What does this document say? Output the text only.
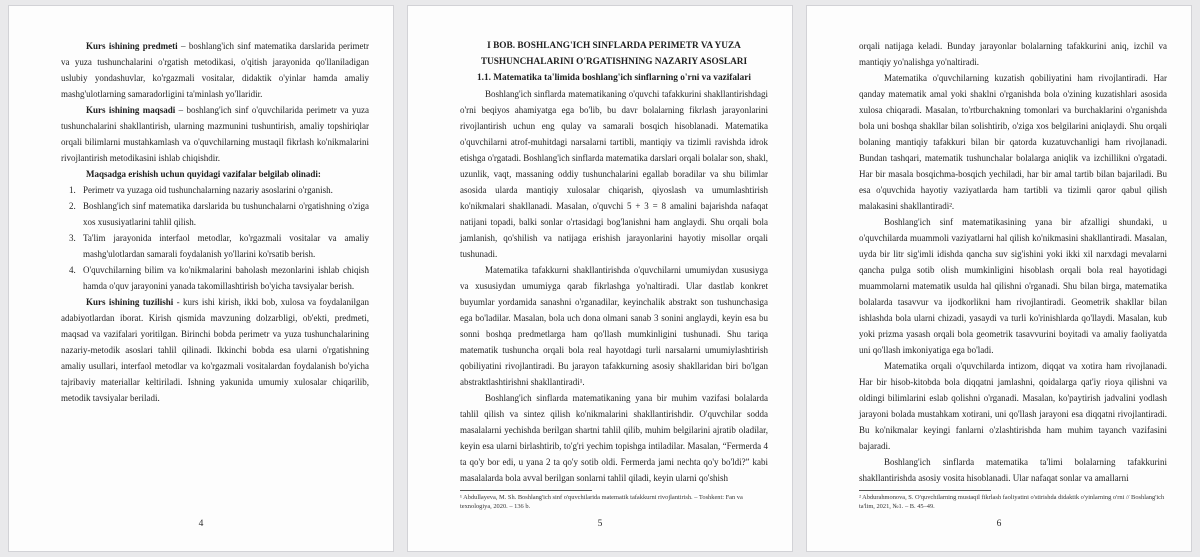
Kurs ishining predmeti – boshlang'ich sinf matematika darslarida perimetr va yuza tushunchalarini o'rgatish metodikasi, o'qitish jarayonida qo'llaniladigan uslubiy yondashuvlar, ko'rgazmali vositalar, didaktik o'yinlar hamda amaliy mashg'ulotlarning samaradorligini ta'minlash yo'llaridir.

Kurs ishining maqsadi – boshlang'ich sinf o'quvchilarida perimetr va yuza tushunchalarini shakllantirish, ularning mazmunini tushuntirish, amaliy topshiriqlar orqali bilimlarni mustahkamlash va o'quvchilarning mustaqil fikrlash ko'nikmalarini rivojlantirish metodikasini ishlab chiqishdir.

Maqsadga erishish uchun quyidagi vazifalar belgilab olinadi:

1. Perimetr va yuzaga oid tushunchalarning nazariy asoslarini o'rganish.
2. Boshlang'ich sinf matematika darslarida bu tushunchalarni o'rgatishning o'ziga xos xususiyatlarini tahlil qilish.
3. Ta'lim jarayonida interfaol metodlar, ko'rgazmali vositalar va amaliy mashg'ulotlardan samarali foydalanish yo'llarini ko'rsatib berish.
4. O'quvchilarning bilim va ko'nikmalarini baholash mezonlarini ishlab chiqish hamda o'quv jarayonini yanada takomillashtirish bo'yicha tavsiyalar berish.

Kurs ishining tuzilishi - kurs ishi kirish, ikki bob, xulosa va foydalanilgan adabiyotlardan iborat. Kirish qismida mavzuning dolzarbligi, ob'ekti, predmeti, maqsad va vazifalari yoritilgan. Birinchi bobda perimetr va yuza tushunchalarining nazariy-metodik asoslari tahlil qilinadi. Ikkinchi bobda esa ularni o'rgatishning amaliy usullari, interfaol metodlar va ko'rgazmali vositalardan foydalanish bo'yicha tajribaviy materiallar keltiriladi. Ishning yakunida umumiy xulosalar chiqarilib, metodik tavsiyalar beriladi.

4

I BOB. BOSHLANG'ICH SINFLARDA PERIMETR VA YUZA TUSHUNCHALARINI O'RGATISHNING NAZARIY ASOSLARI

1.1. Matematika ta'limida boshlang'ich sinflarning o'rni va vazifalari

Boshlang'ich sinflarda matematikaning o'quvchi tafakkurini shakllantirishdagi o'rni beqiyos ahamiyatga ega bo'lib, bu davr bolalarning fikrlash jarayonlarini rivojlantirish uchun eng qulay va samarali bosqich hisoblanadi. Matematika o'quvchilarni atrof-muhitdagi narsalarni tartibli, mantiqiy va tizimli ravishda idrok etishga o'rgatadi. Boshlang'ich sinflarda matematika darslari orqali bolalar son, shakl, uzunlik, vaqt, massaning oddiy tushunchalarini egallab boradilar va shu bilimlar asosida ularda mantiqiy xulosalar chiqarish, qiyoslash va umumlashtirish ko'nikmalari shakllanadi. Masalan, o'quvchi 5 + 3 = 8 amalini bajarishda nafaqat natijani topadi, balki sonlar o'rtasidagi bog'lanishni ham anglaydi. Shu orqali bola jamlanish, qo'shilish va natijaga erishish jarayonlarini hayotiy misollar orqali tushunadi.

Matematika tafakkurni shakllantirishda o'quvchilarni umumiydan xususiyga va xususiydan umumiyga qarab fikrlashga yo'naltiradi. Ular dastlab konkret buyumlar yordamida sanashni o'rganadilar, keyinchalik abstrakt son tushunchasiga ega bo'ladilar. Masalan, bola uch dona olmani sanab 3 sonini anglaydi, keyin esa bu sonni boshqa predmetlarga ham qo'llash mumkinligini tushunadi. Shu tariqa matematik tushuncha orqali bola real hayotdagi turli narsalarni umumiylashtirish qobiliyatini rivojlantiradi. Bu jarayon tafakkurning asosiy shakllaridan biri bo'lgan abstraktlashtirishni shakllantiradi¹.

Boshlang'ich sinflarda matematikaning yana bir muhim vazifasi bolalarda tahlil qilish va sintez qilish ko'nikmalarini shakllantirishdir. O'quvchilar sodda masalalarni yechishda berilgan shartni tahlil qilib, muhim belgilarini ajratib oladilar, keyin esa ularni birlashtirib, to'g'ri yechim topishga intiladilar. Masalan, “Fermerda 4 ta qo'y bor edi, u yana 2 ta qo'y sotib oldi. Fermerda jami nechta qo'y bo'ldi?” kabi masalalarda bola avval berilgan sonlarni tahlil qiladi, keyin ularni qo'shish

¹ Abdullayeva, M. Sh. Boshlang'ich sinf o'quvchilarida matematik tafakkurni rivojlantirish. – Toshkent: Fan va texnologiya, 2020. – 136 b.

5

orqali natijaga keladi. Bunday jarayonlar bolalarning tafakkurini aniq, izchil va mantiqiy yo'nalishga yo'naltiradi.

Matematika o'quvchilarning kuzatish qobiliyatini ham rivojlantiradi. Har qanday matematik amal yoki shaklni o'rganishda bola o'zining kuzatishlari asosida xulosa chiqaradi. Masalan, to'rtburchakning tomonlari va burchaklarini o'rganishda bola uni boshqa shakllar bilan solishtirib, o'ziga xos belgilarini aniqlaydi. Shu orqali bolaning mantiqiy tafakkuri bilan bir qatorda kuzatuvchanligi ham rivojlanadi. Bundan tashqari, matematik tushunchalar bolalarga aniqlik va izchillikni o'rgatadi. Har bir masala bosqichma-bosqich yechiladi, har bir amal tartib bilan bajariladi. Bu esa o'quvchida hayotiy vaziyatlarda ham tartibli va tizimli qaror qabul qilish malakasini shakllantiradi².

Boshlang'ich sinf matematikasining yana bir afzalligi shundaki, u o'quvchilarda muammoli vaziyatlarni hal qilish ko'nikmasini shakllantiradi. Masalan, uyda bir litr sig'imli idishda qancha suv sig'ishini yoki ikki xil narxdagi mevalarni qancha pulga sotib olish mumkinligini hisoblash orqali bola real hayotidagi muammolarni matematik usulda hal qilishni o'rganadi. Shu bilan birga, matematika bolalarda tasavvur va ijodkorlikni ham rivojlantiradi. Geometrik shakllar bilan ishlashda bola ularni chizadi, yasaydi va turli ko'rinishlarda qo'llaydi. Masalan, kub yoki prizma yasash orqali bola geometrik tasavvurini boyitadi va amaliy faoliyatda uni qo'llash imkoniyatiga ega bo'ladi.

Matematika orqali o'quvchilarda intizom, diqqat va xotira ham rivojlanadi. Har bir hisob-kitobda bola diqqatni jamlashni, qoidalarga qat'iy rioya qilishni va oldingi bilimlarini eslab qolishni o'rganadi. Masalan, ko'paytirish jadvalini yodlash jarayoni bolada mustahkam xotirani, uni qo'llash jarayoni esa diqqatni rivojlantiradi. Bu ko'nikmalar keyingi fanlarni o'zlashtirishda ham muhim tayanch vazifasini bajaradi.

Boshlang'ich sinflarda matematika ta'limi bolalarning tafakkurini shakllantirishda asosiy vosita hisoblanadi. Ular nafaqat sonlar va amallarni

² Abdurahmonova, S. O'quvchilarning mustaqil fikrlash faoliyatini o'stirishda didaktik o'yinlarning o'rni // Boshlang'ich ta'lim, 2021, №1. – B. 45–49.

6
